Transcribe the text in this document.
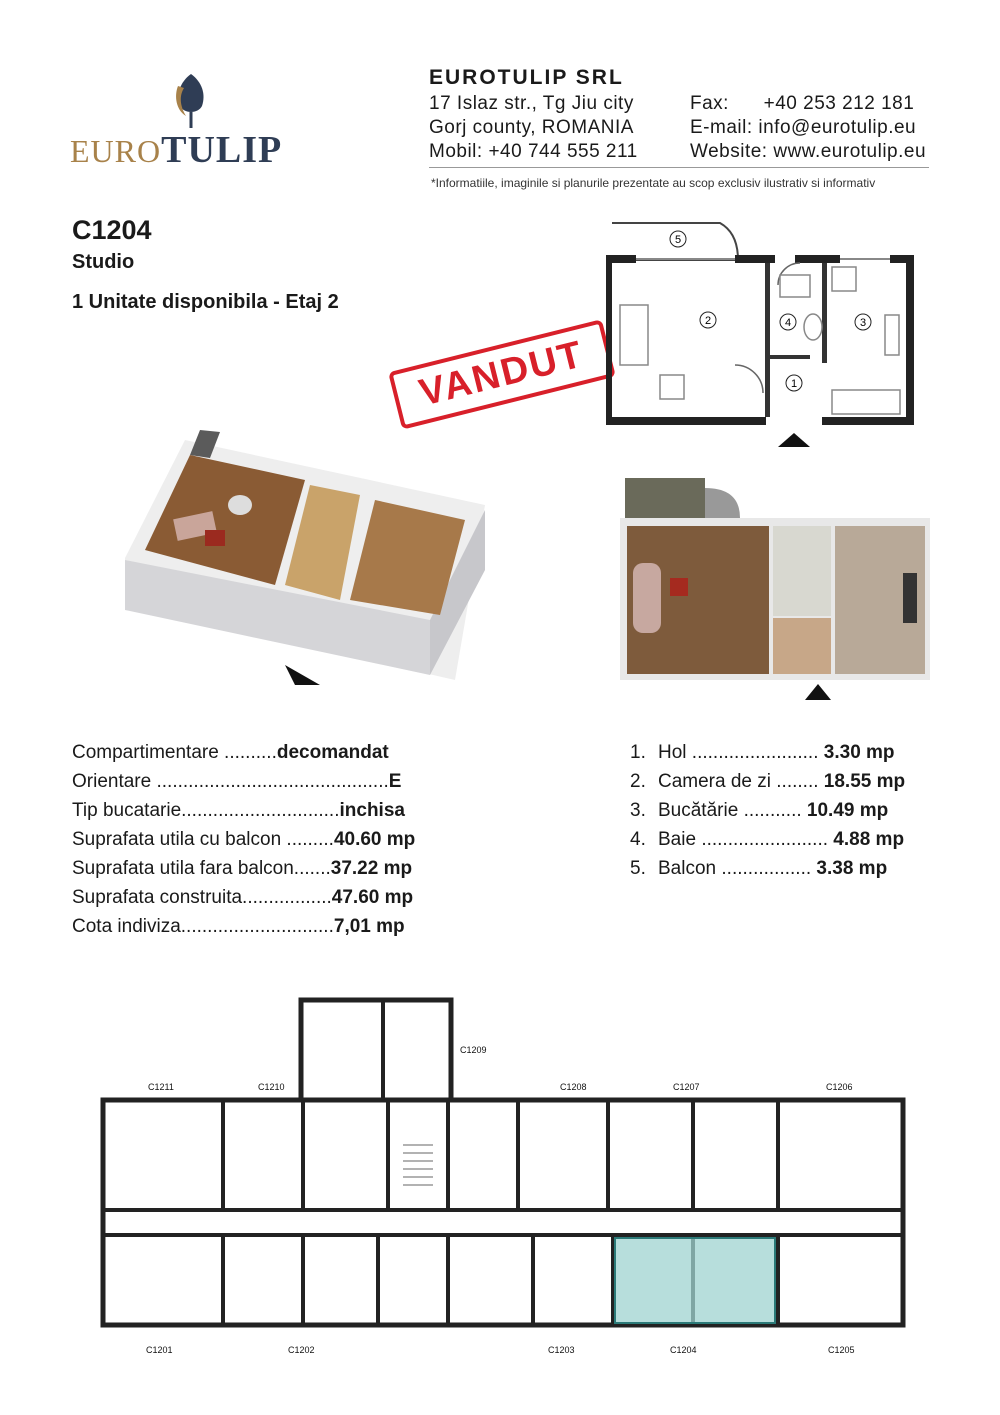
EUROTULIP
EUROTULIP SRL
17 Islaz str., Tg Jiu city
Gorj county, ROMANIA
Mobil: +40 744 555 211
Fax:      +40 253 212 181
E-mail: info@eurotulip.eu
Website: www.eurotulip.eu
*Informatiile, imaginile si planurile prezentate au scop exclusiv ilustrativ si informativ
C1204
Studio
1 Unitate disponibila - Etaj 2
VANDUT
5
2	4	3
1
Compartimentare ..........decomandat
Orientare ............................................E
Tip bucatarie..............................inchisa
Suprafata utila cu balcon .........40.60 mp
Suprafata utila fara balcon.......37.22 mp
Suprafata construita.................47.60 mp
Cota indiviza.............................7,01 mp
1. Hol ........................ 3.30 mp
2. Camera de zi ........ 18.55 mp
3. Bucătărie ........... 10.49 mp
4. Baie ........................ 4.88 mp
5. Balcon ................. 3.38 mp
C1211	C1210
C1209
C1208	C1207	C1206
C1201	C1202	C1203	C1204	C1205
